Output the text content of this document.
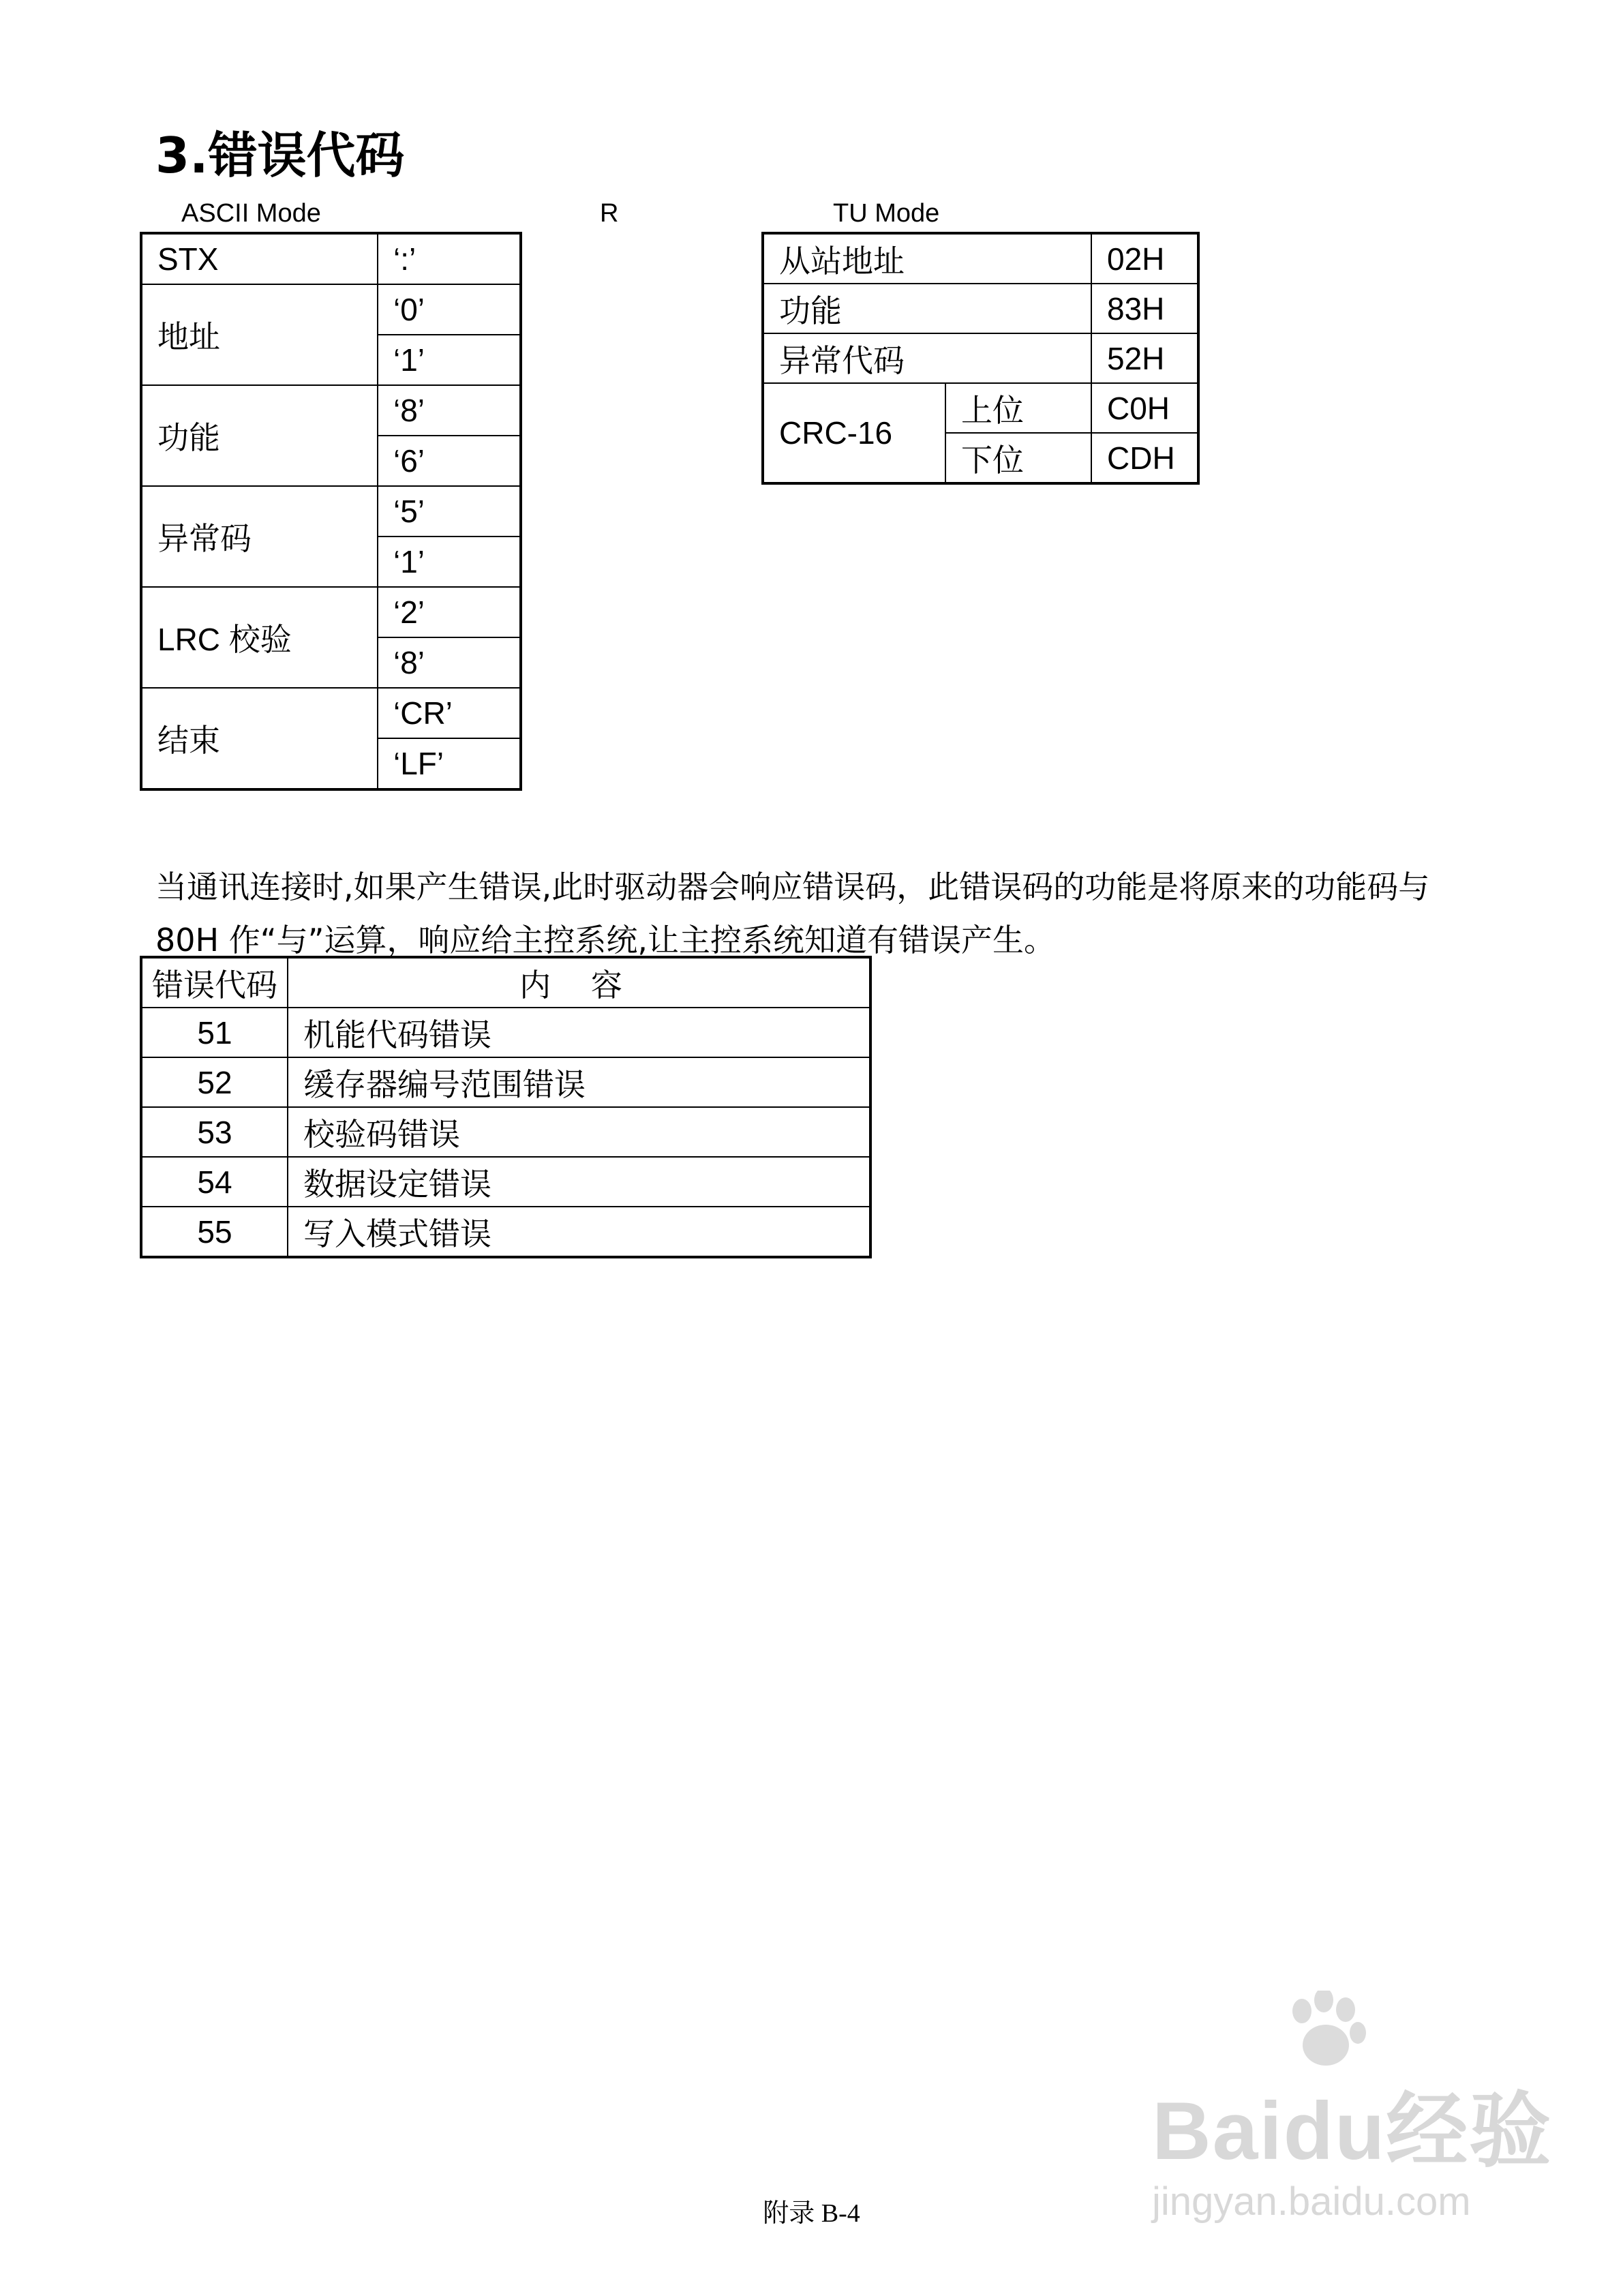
3.错误代码
ASCII Mode	R	TU Mode
STX	‘:’
地址	‘0’
	‘1’
功能	‘8’
	‘6’
异常码	‘5’
	‘1’
LRC 校验	‘2’
	‘8’
结束	‘CR’
	‘LF’
从站地址		02H
功能		83H
异常代码		52H
CRC-16	上位	C0H
	下位	CDH

当通讯连接时,如果产生错误,此时驱动器会响应错误码，此错误码的功能是将原来的功能码与

80H 作“与”运算，响应给主控系统,让主控系统知道有错误产生。

错误代码	内 容
51	机能代码错误
52	缓存器编号范围错误
53	校验码错误
54	数据设定错误
55	写入模式错误
Baidu经验
jingyan.baidu.com
附录 B-4
